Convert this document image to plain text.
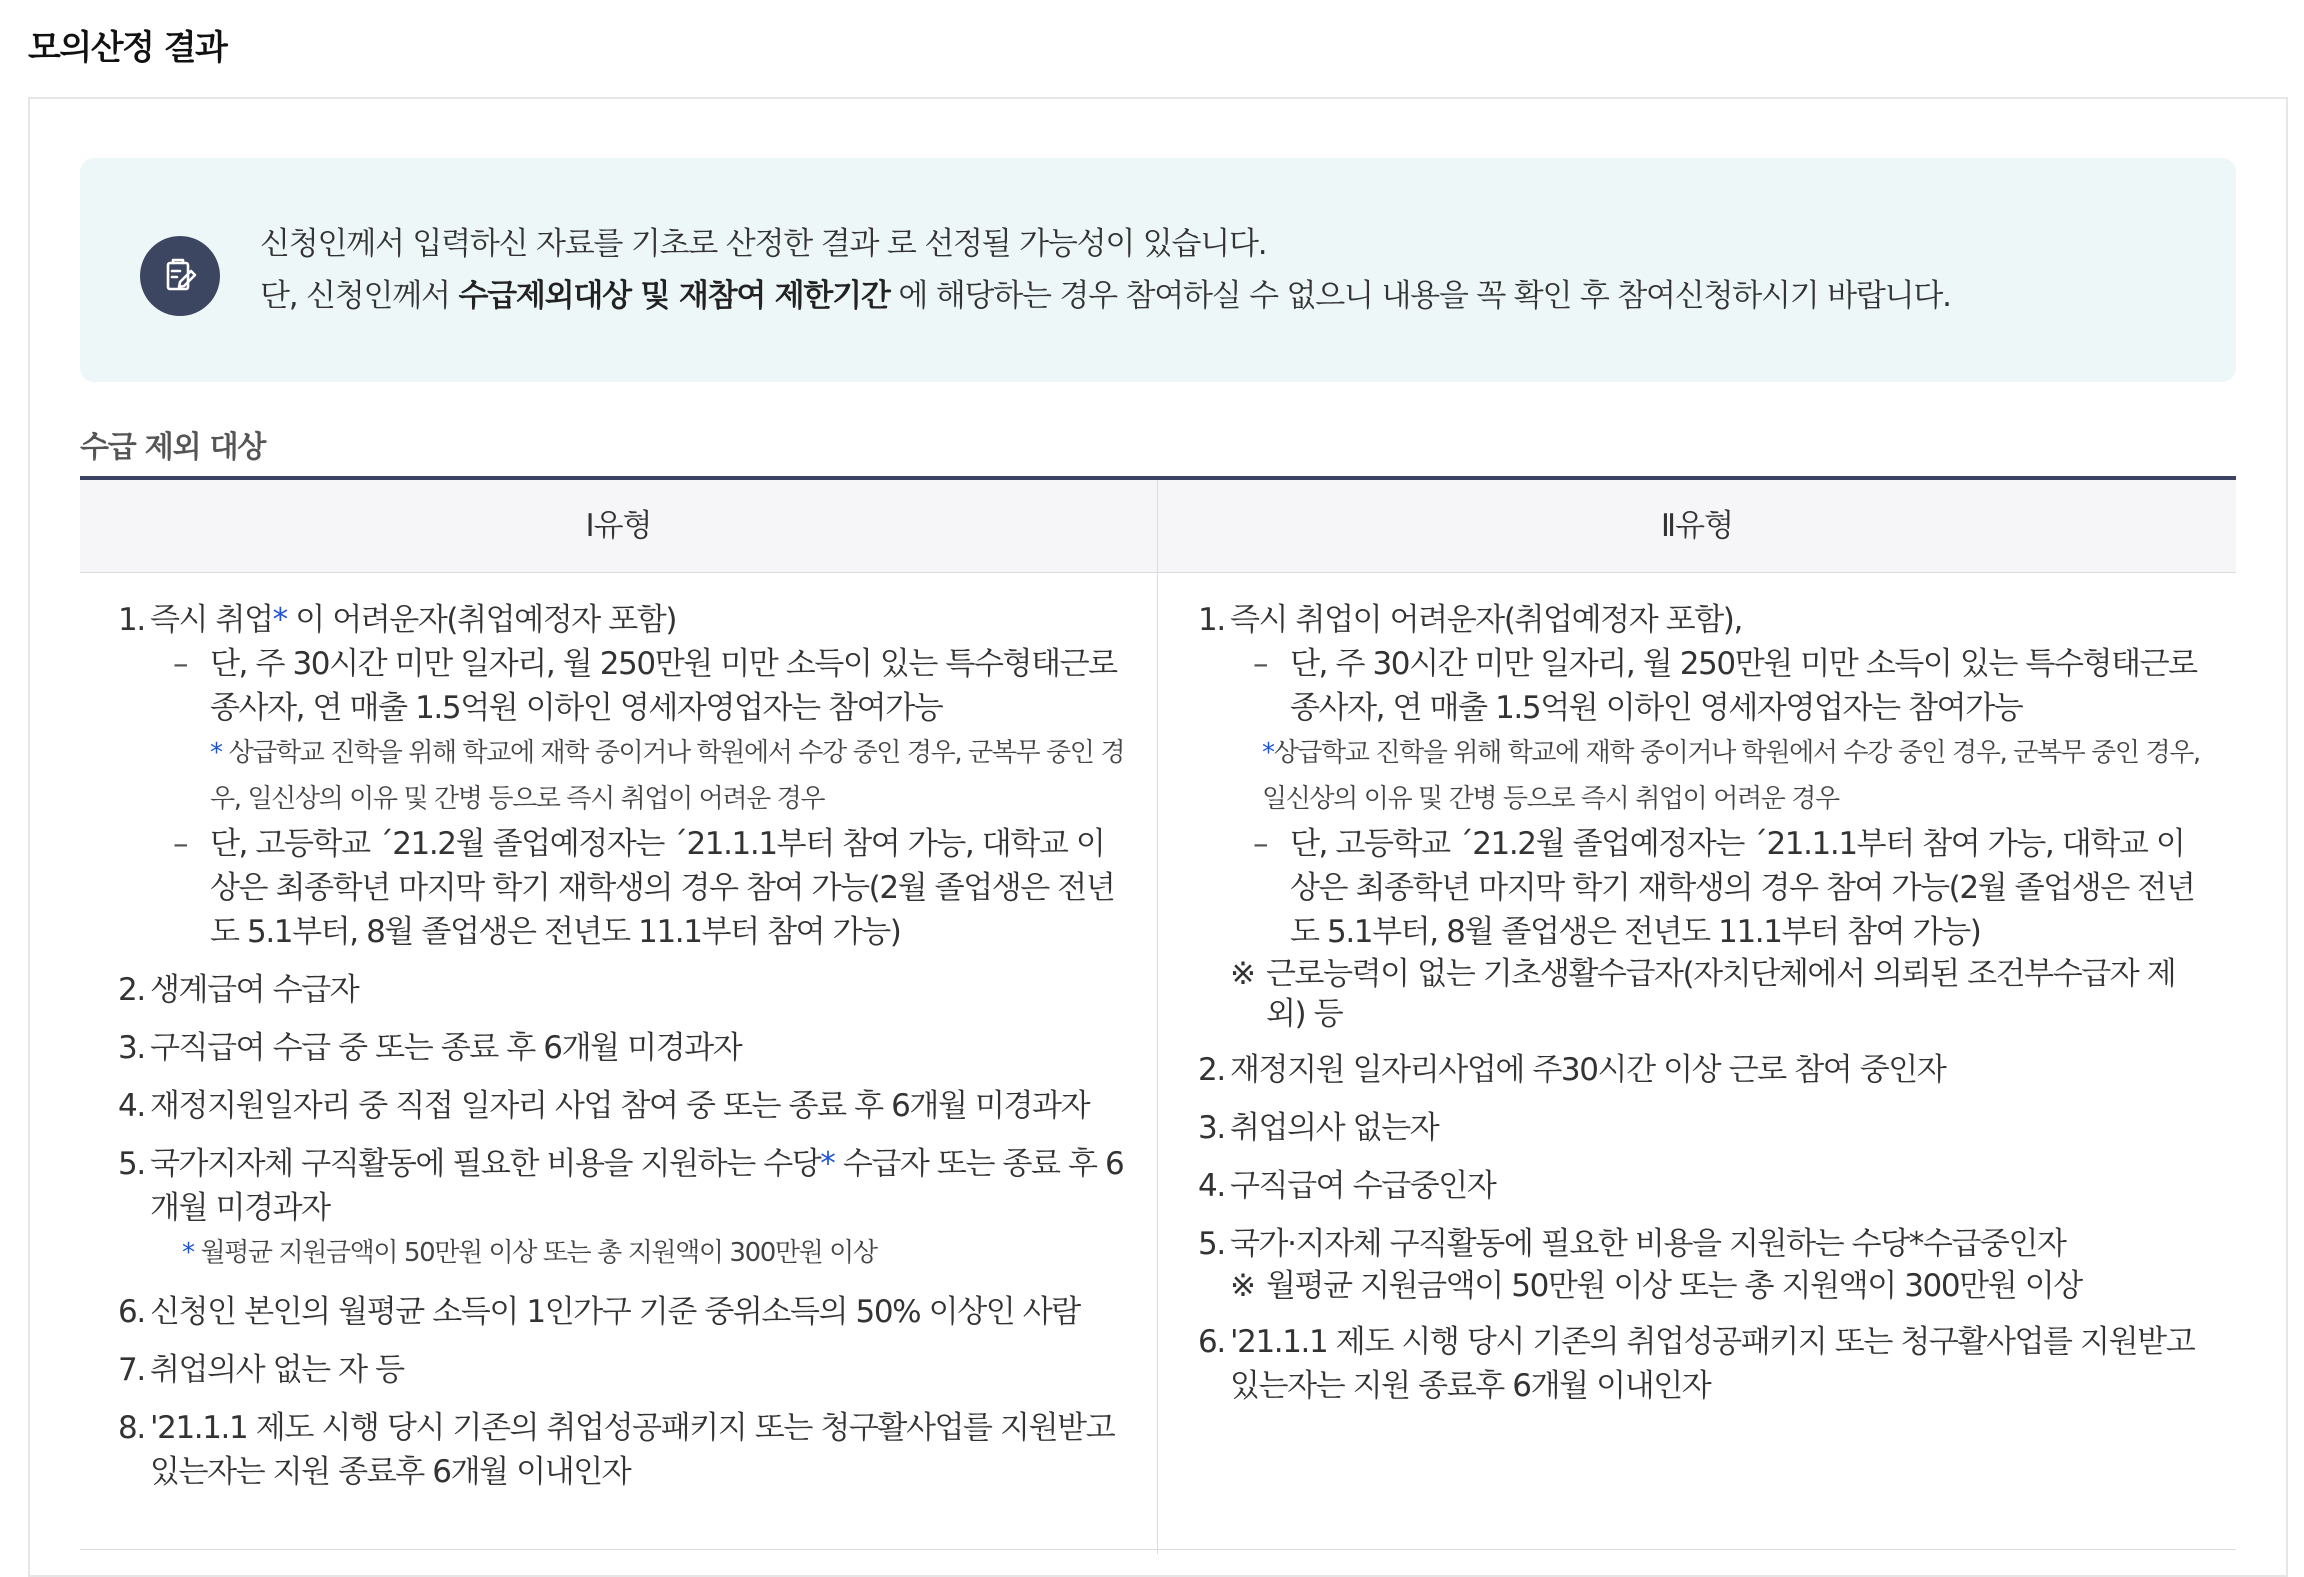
모의산정 결과
신청인께서 입력하신 자료를 기초로 산정한 결과 로 선정될 가능성이 있습니다.
단, 신청인께서 수급제외대상 및 재참여 제한기간 에 해당하는 경우 참여하실 수 없으니 내용을 꼭 확인 후 참여신청하시기 바랍니다.
수급 제외 대상
Ⅰ유형	Ⅱ유형
1. 즉시 취업* 이 어려운자(취업예정자 포함)
– 단, 주 30시간 미만 일자리, 월 250만원 미만 소득이 있는 특수형태근로종사자, 연 매출 1.5억원 이하인 영세자영업자는 참여가능
* 상급학교 진학을 위해 학교에 재학 중이거나 학원에서 수강 중인 경우, 군복무 중인 경우, 일신상의 이유 및 간병 등으로 즉시 취업이 어려운 경우
– 단, 고등학교 ´21.2월 졸업예정자는 ´21.1.1부터 참여 가능, 대학교 이상은 최종학년 마지막 학기 재학생의 경우 참여 가능(2월 졸업생은 전년도 5.1부터, 8월 졸업생은 전년도 11.1부터 참여 가능)
2. 생계급여 수급자
3. 구직급여 수급 중 또는 종료 후 6개월 미경과자
4. 재정지원일자리 중 직접 일자리 사업 참여 중 또는 종료 후 6개월 미경과자
5. 국가지자체 구직활동에 필요한 비용을 지원하는 수당* 수급자 또는 종료 후 6개월 미경과자
* 월평균 지원금액이 50만원 이상 또는 총 지원액이 300만원 이상
6. 신청인 본인의 월평균 소득이 1인가구 기준 중위소득의 50% 이상인 사람
7. 취업의사 없는 자 등
8. '21.1.1 제도 시행 당시 기존의 취업성공패키지 또는 청구활사업를 지원받고 있는자는 지원 종료후 6개월 이내인자
1. 즉시 취업이 어려운자(취업예정자 포함),
– 단, 주 30시간 미만 일자리, 월 250만원 미만 소득이 있는 특수형태근로종사자, 연 매출 1.5억원 이하인 영세자영업자는 참여가능
*상급학교 진학을 위해 학교에 재학 중이거나 학원에서 수강 중인 경우, 군복무 중인 경우, 일신상의 이유 및 간병 등으로 즉시 취업이 어려운 경우
– 단, 고등학교 ´21.2월 졸업예정자는 ´21.1.1부터 참여 가능, 대학교 이상은 최종학년 마지막 학기 재학생의 경우 참여 가능(2월 졸업생은 전년도 5.1부터, 8월 졸업생은 전년도 11.1부터 참여 가능)
※ 근로능력이 없는 기초생활수급자(자치단체에서 의뢰된 조건부수급자 제외) 등
2. 재정지원 일자리사업에 주30시간 이상 근로 참여 중인자
3. 취업의사 없는자
4. 구직급여 수급중인자
5. 국가·지자체 구직활동에 필요한 비용을 지원하는 수당*수급중인자
※ 월평균 지원금액이 50만원 이상 또는 총 지원액이 300만원 이상
6. '21.1.1 제도 시행 당시 기존의 취업성공패키지 또는 청구활사업를 지원받고 있는자는 지원 종료후 6개월 이내인자
